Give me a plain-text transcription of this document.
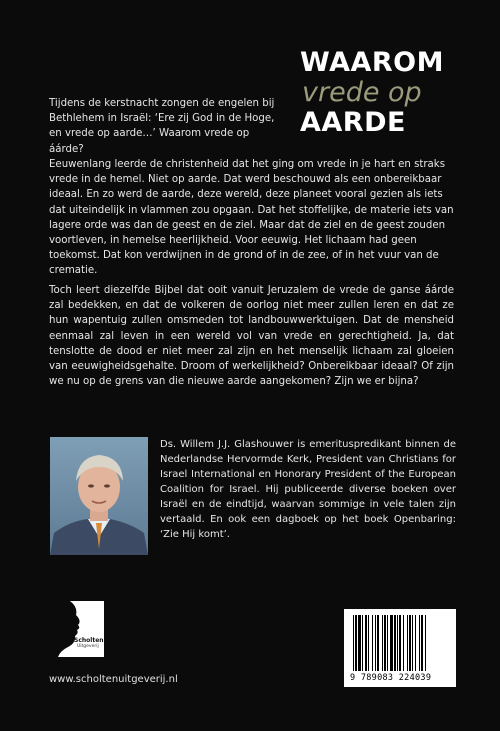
WAAROM
vrede op
AARDE
Tijdens de kerstnacht zongen de engelen bij Bethlehem in Israël: ‘Ere zij God in de Hoge, en vrede op aarde…’ Waarom vrede op áárde?
Eeuwenlang leerde de christenheid dat het ging om vrede in je hart en straks vrede in de hemel. Niet op aarde. Dat werd beschouwd als een onbereikbaar ideaal. En zo werd de aarde, deze wereld, deze planeet vooral gezien als iets dat uiteindelijk in vlammen zou opgaan. Dat het stoffelijke, de materie iets van lagere orde was dan de geest en de ziel. Maar dat de ziel en de geest zouden voortleven, in hemelse heerlijkheid. Voor eeuwig. Het lichaam had geen toekomst. Dat kon verdwijnen in de grond of in de zee, of in het vuur van de crematie.
Toch leert diezelfde Bijbel dat ooit vanuit Jeruzalem de vrede de ganse áárde zal bedekken, en dat de volkeren de oorlog niet meer zullen leren en dat ze hun wapentuig zullen omsmeden tot landbouwwerktuigen. Dat de mensheid eenmaal zal leven in een wereld vol van vrede en gerechtigheid. Ja, dat tenslotte de dood er niet meer zal zijn en het menselijk lichaam zal gloeien van eeuwigheidsgehalte. Droom of werkelijkheid? Onbereikbaar ideaal? Of zijn we nu op de grens van die nieuwe aarde aangekomen? Zijn we er bijna?
Ds. Willem J.J. Glashouwer is emerituspredikant binnen de Nederlandse Hervormde Kerk, President van Christians for Israel International en Honorary President of the European Coalition for Israel. Hij publiceerde diverse boeken over Israël en de eindtijd, waarvan sommige in vele talen zijn vertaald. En ook een dagboek op het boek Openbaring: ‘Zie Hij komt’.
Scholten
Uitgeverij
www.scholtenuitgeverij.nl	9 789083 224039
